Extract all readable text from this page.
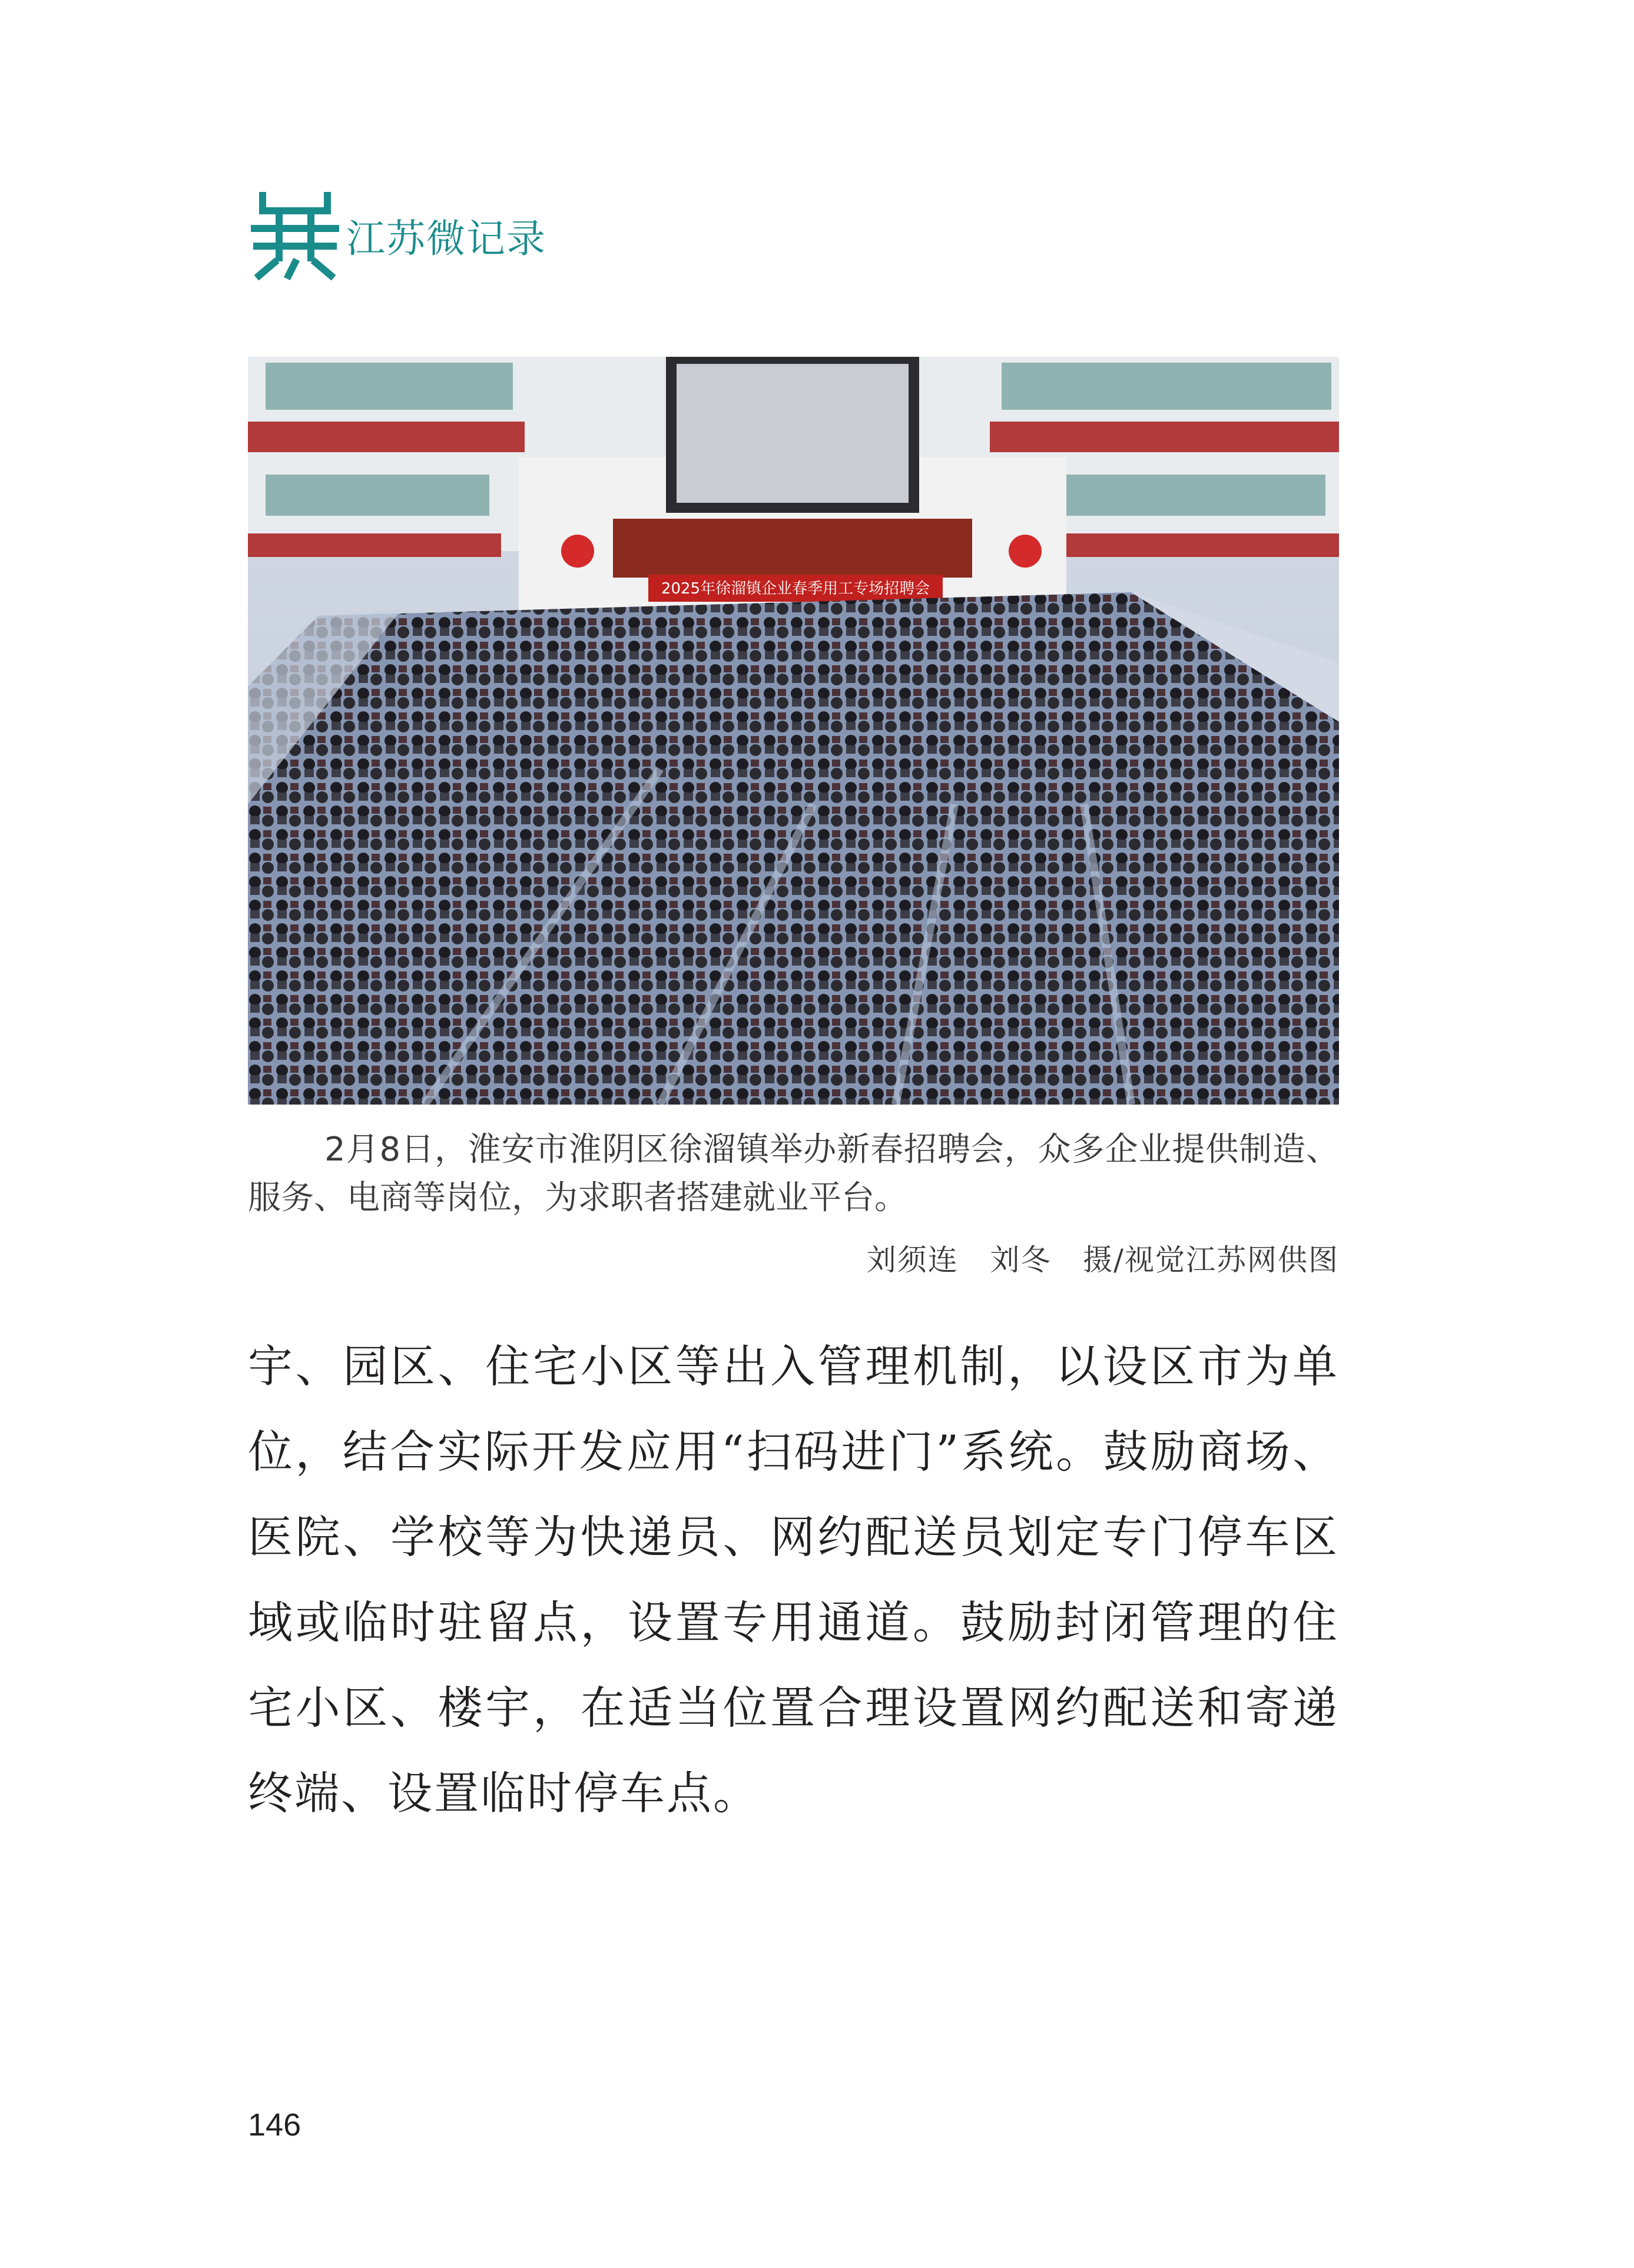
江苏微记录
2025年徐溜镇企业春季用工专场招聘会

2月8日，淮安市淮阴区徐溜镇举办新春招聘会，众多企业提供制造、服务、电商等岗位，为求职者搭建就业平台。

刘须连   刘冬   摄/视觉江苏网供图

宇、园区、住宅小区等出入管理机制，以设区市为单位，结合实际开发应用“扫码进门”系统。鼓励商场、医院、学校等为快递员、网约配送员划定专门停车区域或临时驻留点，设置专用通道。鼓励封闭管理的住宅小区、楼宇，在适当位置合理设置网约配送和寄递终端、设置临时停车点。

146
